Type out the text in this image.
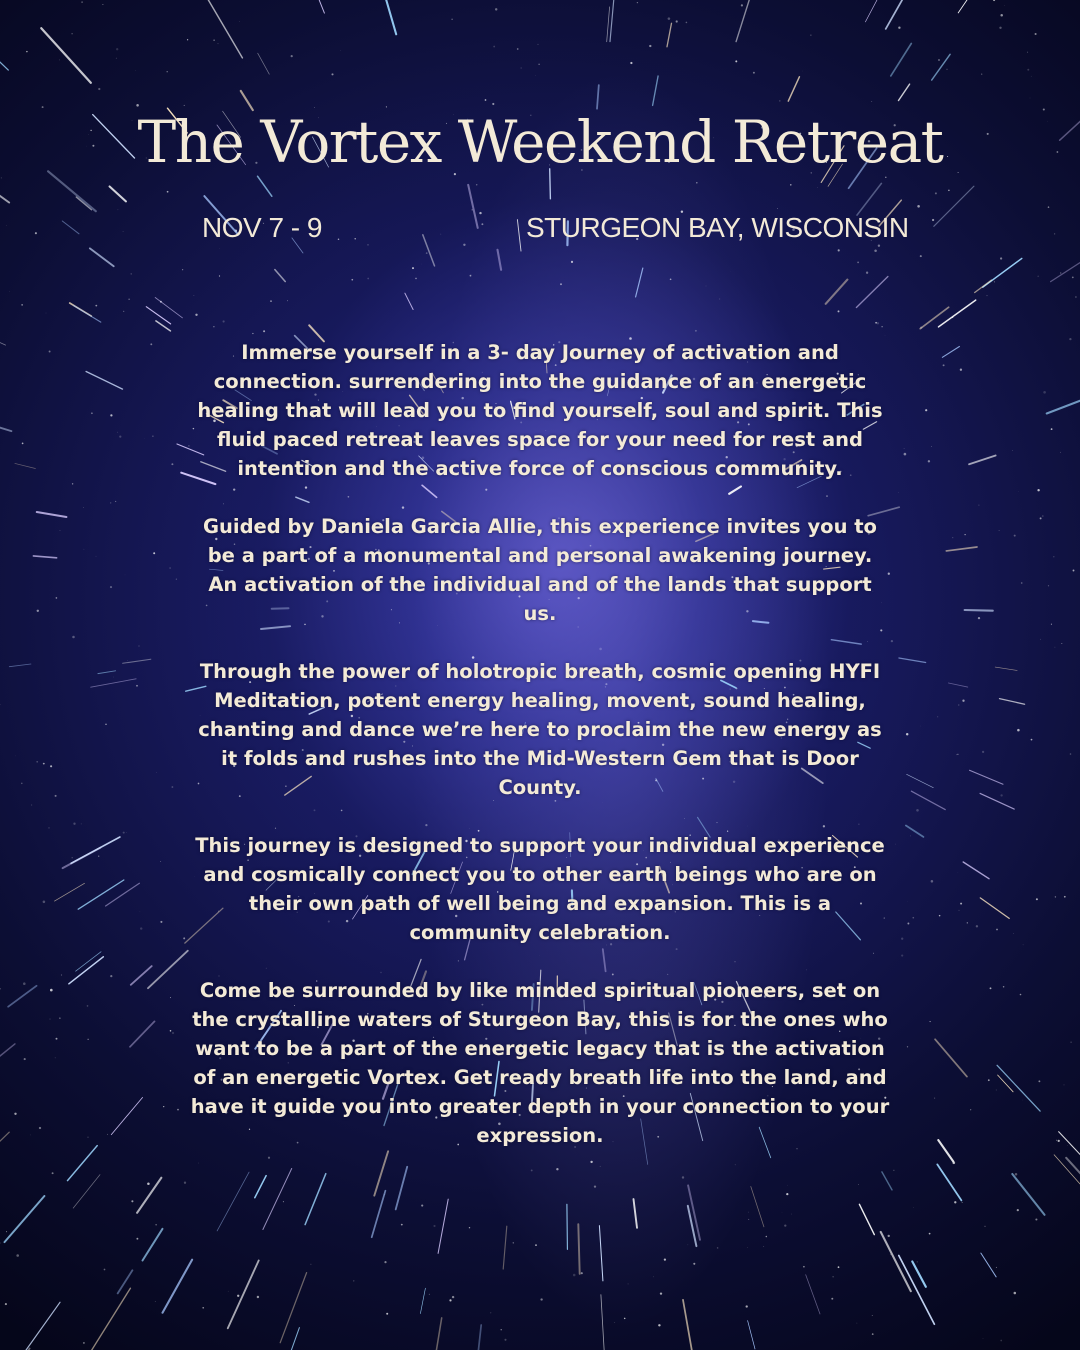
The Vortex Weekend Retreat
NOV 7 - 9	STURGEON BAY, WISCONSIN

Immerse yourself in a 3- day Journey of activation and connection. surrendering into the guidance of an energetic healing that will lead you to find yourself, soul and spirit. This fluid paced retreat leaves space for your need for rest and intention and the active force of conscious community.

Guided by Daniela Garcia Allie, this experience invites you to be a part of a monumental and personal awakening journey. An activation of the individual and of the lands that support us.

Through the power of holotropic breath, cosmic opening HYFI Meditation, potent energy healing, movent, sound healing, chanting and dance we’re here to proclaim the new energy as it folds and rushes into the Mid-Western Gem that is Door County.

This journey is designed to support your individual experience and cosmically connect you to other earth beings who are on their own path of well being and expansion. This is a community celebration.

Come be surrounded by like minded spiritual pioneers, set on the crystalline waters of Sturgeon Bay, this is for the ones who want to be a part of the energetic legacy that is the activation of an energetic Vortex. Get ready breath life into the land, and have it guide you into greater depth in your connection to your expression.
